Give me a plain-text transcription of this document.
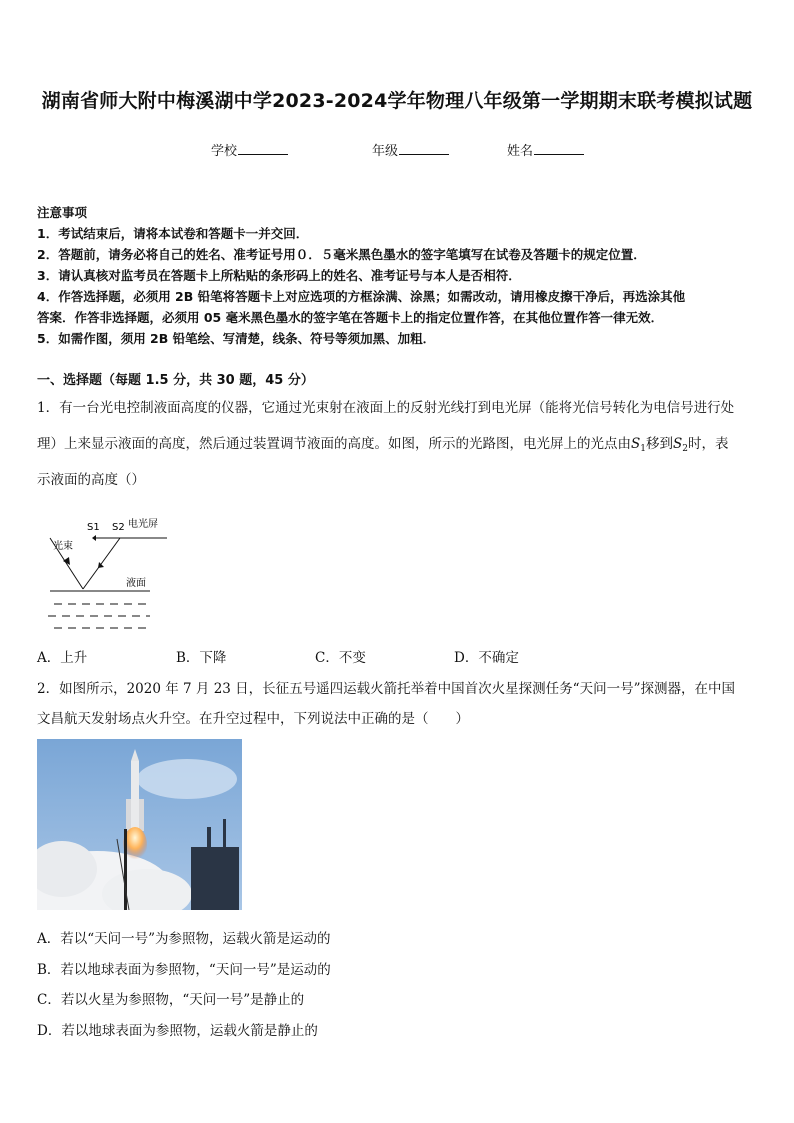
湖南省师大附中梅溪湖中学2023-2024学年物理八年级第一学期期末联考模拟试题
学校	年级	姓名
注意事项
1．考试结束后，请将本试卷和答题卡一并交回．
2．答题前，请务必将自己的姓名、准考证号用０．５毫米黑色墨水的签字笔填写在试卷及答题卡的规定位置．
3．请认真核对监考员在答题卡上所粘贴的条形码上的姓名、准考证号与本人是否相符．
4．作答选择题，必须用 2B 铅笔将答题卡上对应选项的方框涂满、涂黑；如需改动，请用橡皮擦干净后，再选涂其他
答案．作答非选择题，必须用 05 毫米黑色墨水的签字笔在答题卡上的指定位置作答，在其他位置作答一律无效．
5．如需作图，须用 2B 铅笔绘、写清楚，线条、符号等须加黑、加粗．
一、选择题（每题 1.5 分，共 30 题，45 分）
1．有一台光电控制液面高度的仪器，它通过光束射在液面上的反射光线打到电光屏（能将光信号转化为电信号进行处
理）上来显示液面的高度，然后通过装置调节液面的高度。如图，所示的光路图，电光屏上的光点由$S_1$移到$S_2$时，表
示液面的高度（）
S1 S2 电光屏
光束
液面
A．上升	B．下降	C．不变	D．不确定
2．如图所示，2020 年 7 月 23 日，长征五号遥四运载火箭托举着中国首次火星探测任务“天问一号”探测器，在中国
文昌航天发射场点火升空。在升空过程中，下列说法中正确的是（　　）
A．若以“天问一号”为参照物，运载火箭是运动的
B．若以地球表面为参照物，“天问一号”是运动的
C．若以火星为参照物，“天问一号”是静止的
D．若以地球表面为参照物，运载火箭是静止的
